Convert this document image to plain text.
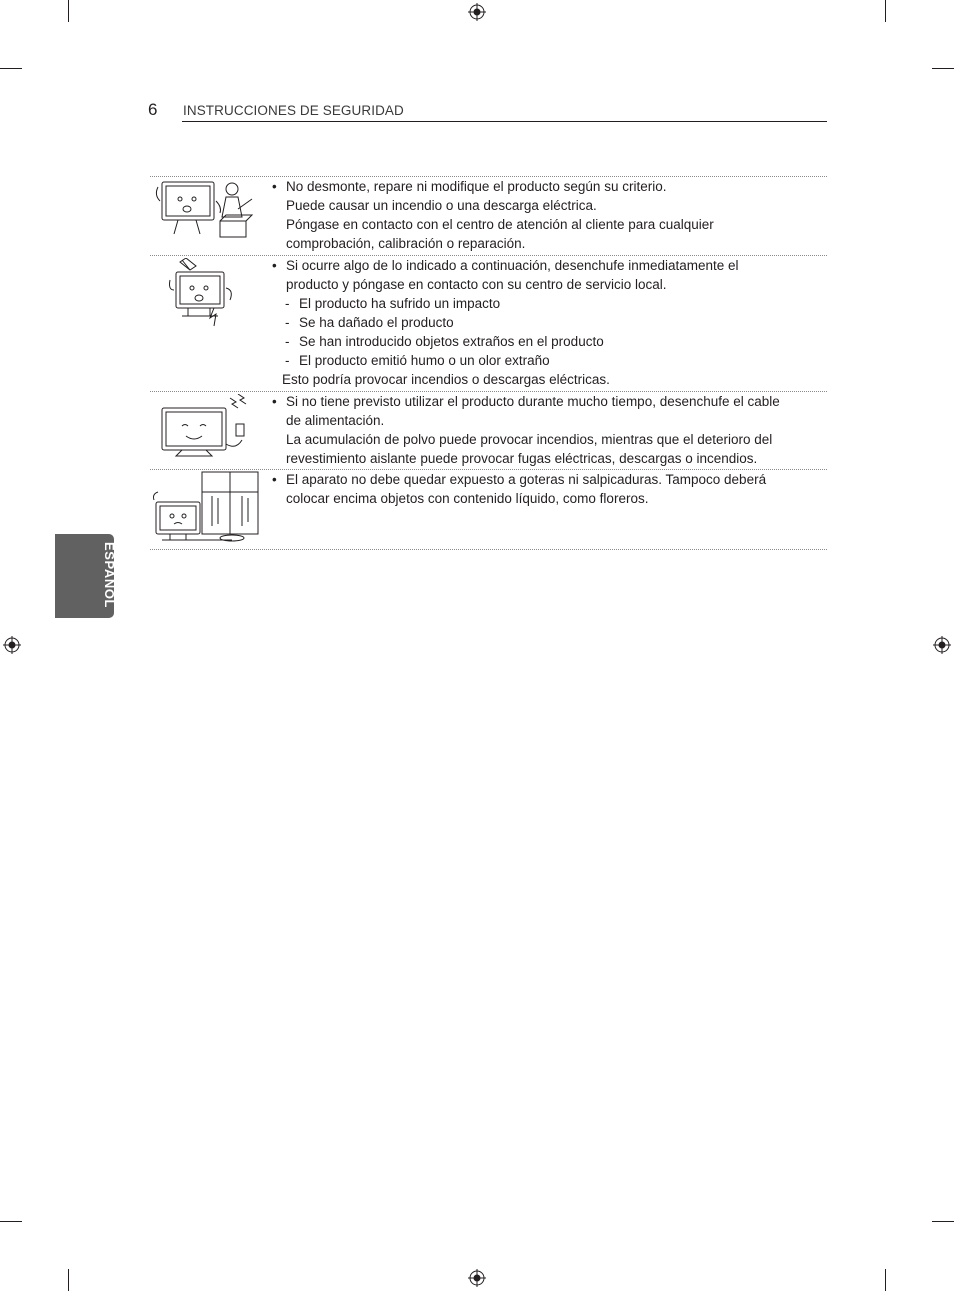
6 INSTRUCCIONES DE SEGURIDAD
ESPAÑOL
• No desmonte, repare ni modifique el producto según su criterio.
Puede causar un incendio o una descarga eléctrica.
Póngase en contacto con el centro de atención al cliente para cualquier
comprobación, calibración o reparación.
• Si ocurre algo de lo indicado a continuación, desenchufe inmediatamente el
producto y póngase en contacto con su centro de servicio local.
- El producto ha sufrido un impacto
- Se ha dañado el producto
- Se han introducido objetos extraños en el producto
- El producto emitió humo o un olor extraño
Esto podría provocar incendios o descargas eléctricas.
• Si no tiene previsto utilizar el producto durante mucho tiempo, desenchufe el cable
de alimentación.
La acumulación de polvo puede provocar incendios, mientras que el deterioro del
revestimiento aislante puede provocar fugas eléctricas, descargas o incendios.
• El aparato no debe quedar expuesto a goteras ni salpicaduras. Tampoco deberá
colocar encima objetos con contenido líquido, como floreros.
